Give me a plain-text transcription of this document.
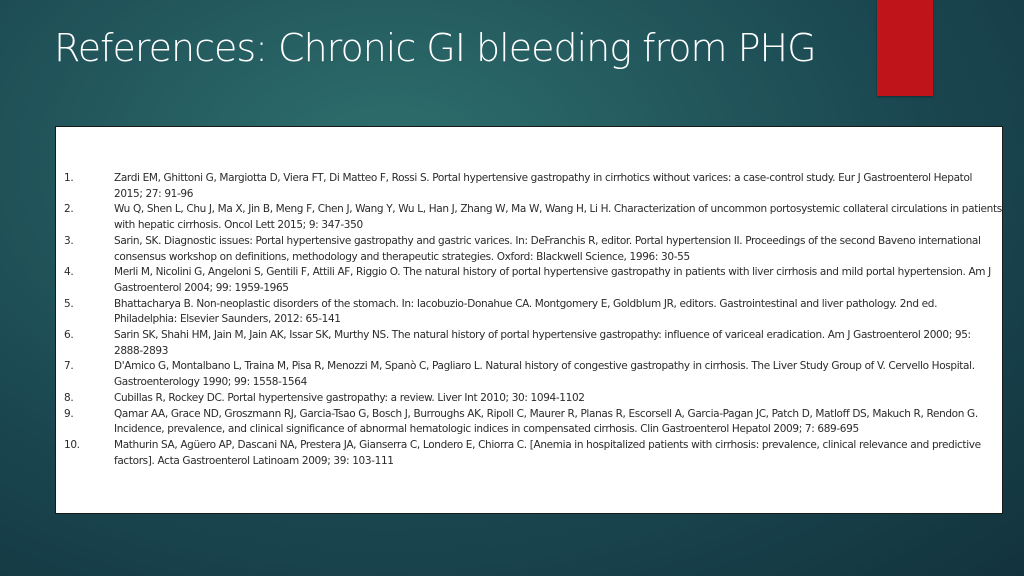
References: Chronic GI bleeding from PHG
1.	Zardi EM, Ghittoni G, Margiotta D, Viera FT, Di Matteo F, Rossi S. Portal hypertensive gastropathy in cirrhotics without varices: a case-control study. Eur J Gastroenterol Hepatol 2015; 27: 91-96
2.	Wu Q, Shen L, Chu J, Ma X, Jin B, Meng F, Chen J, Wang Y, Wu L, Han J, Zhang W, Ma W, Wang H, Li H. Characterization of uncommon portosystemic collateral circulations in patients with hepatic cirrhosis. Oncol Lett 2015; 9: 347-350
3.	Sarin, SK. Diagnostic issues: Portal hypertensive gastropathy and gastric varices. In: DeFranchis R, editor. Portal hypertension II. Proceedings of the second Baveno international consensus workshop on definitions, methodology and therapeutic strategies. Oxford: Blackwell Science, 1996: 30-55
4.	Merli M, Nicolini G, Angeloni S, Gentili F, Attili AF, Riggio O. The natural history of portal hypertensive gastropathy in patients with liver cirrhosis and mild portal hypertension. Am J Gastroenterol 2004; 99: 1959-1965
5.	Bhattacharya B. Non-neoplastic disorders of the stomach. In: Iacobuzio-Donahue CA. Montgomery E, Goldblum JR, editors. Gastrointestinal and liver pathology. 2nd ed. Philadelphia: Elsevier Saunders, 2012: 65-141
6.	Sarin SK, Shahi HM, Jain M, Jain AK, Issar SK, Murthy NS. The natural history of portal hypertensive gastropathy: influence of variceal eradication. Am J Gastroenterol 2000; 95: 2888-2893
7.	D'Amico G, Montalbano L, Traina M, Pisa R, Menozzi M, Spanò C, Pagliaro L. Natural history of congestive gastropathy in cirrhosis. The Liver Study Group of V. Cervello Hospital. Gastroenterology 1990; 99: 1558-1564
8.	Cubillas R, Rockey DC. Portal hypertensive gastropathy: a review. Liver Int 2010; 30: 1094-1102
9.	Qamar AA, Grace ND, Groszmann RJ, Garcia-Tsao G, Bosch J, Burroughs AK, Ripoll C, Maurer R, Planas R, Escorsell A, Garcia-Pagan JC, Patch D, Matloff DS, Makuch R, Rendon G. Incidence, prevalence, and clinical significance of abnormal hematologic indices in compensated cirrhosis. Clin Gastroenterol Hepatol 2009; 7: 689-695
10.	Mathurin SA, Agüero AP, Dascani NA, Prestera JA, Gianserra C, Londero E, Chiorra C. [Anemia in hospitalized patients with cirrhosis: prevalence, clinical relevance and predictive factors]. Acta Gastroenterol Latinoam 2009; 39: 103-111
